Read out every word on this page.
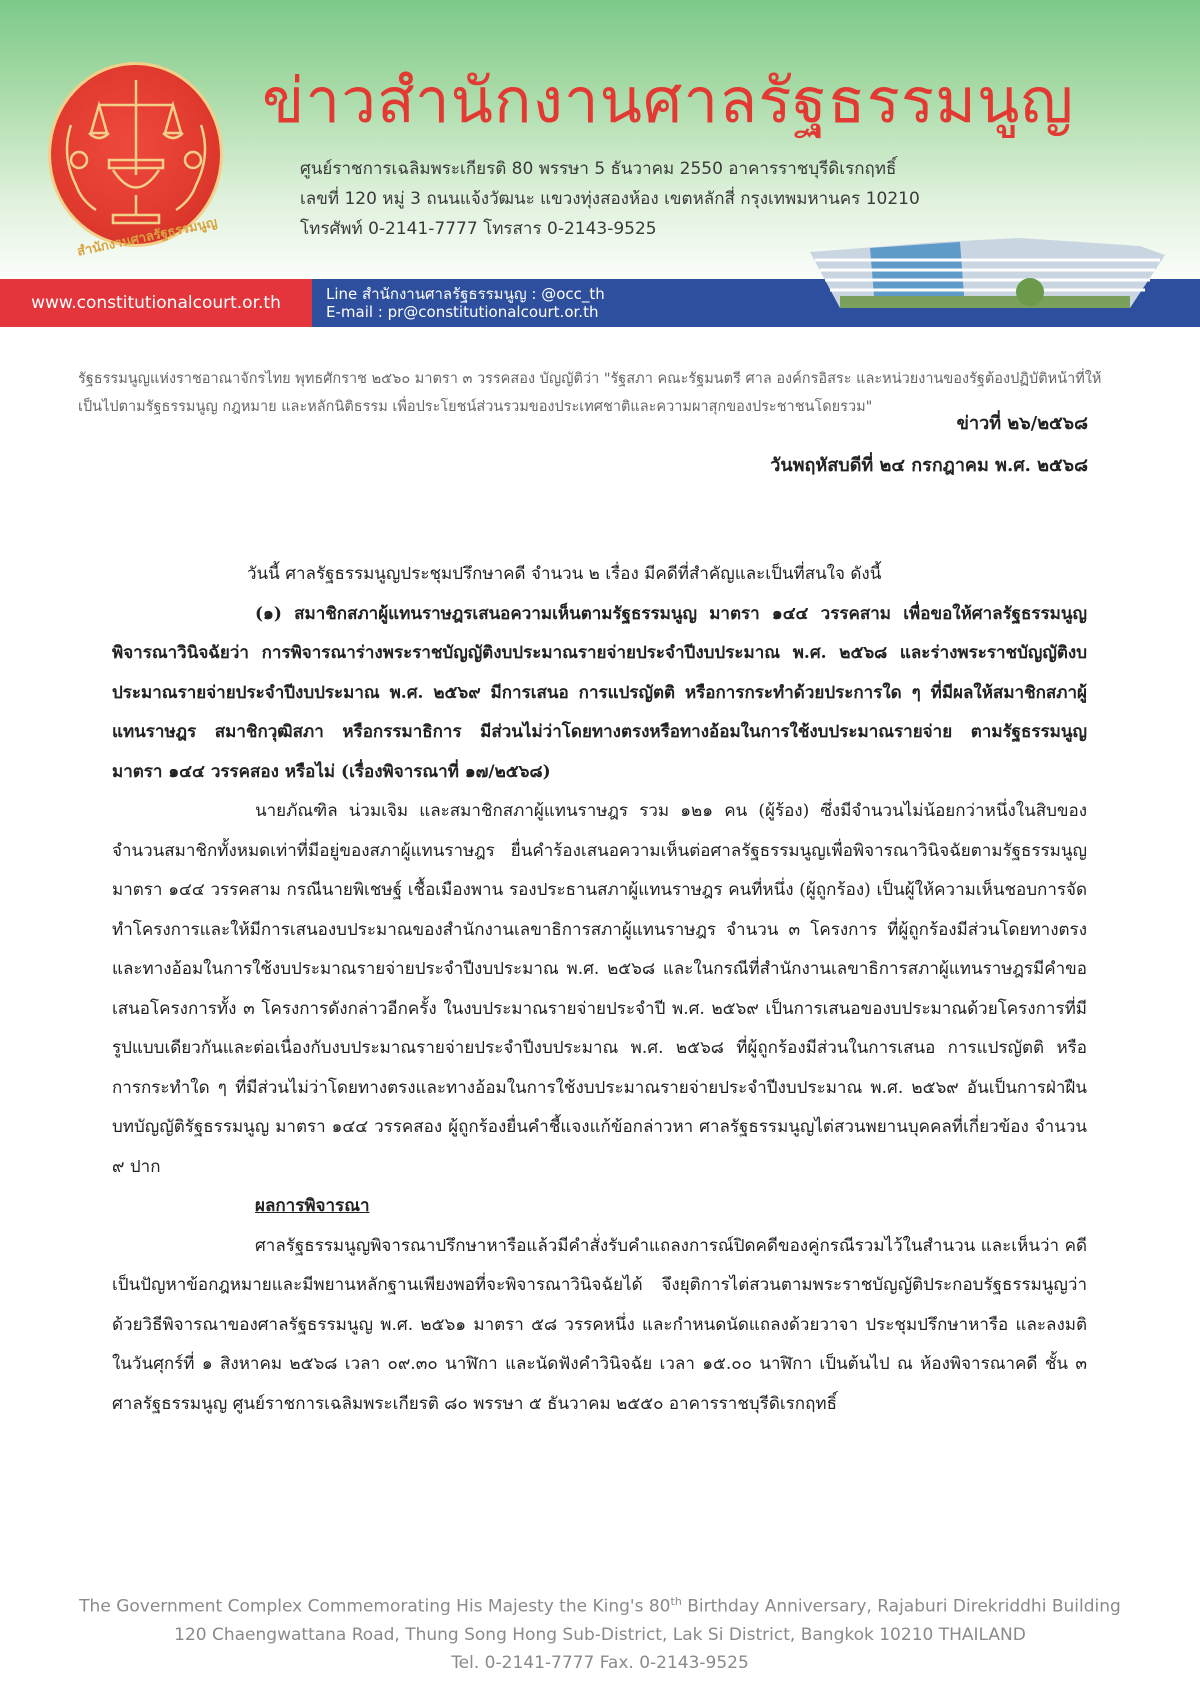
สำนักงานศาลรัฐธรรมนูญ
ข่าวสำนักงานศาลรัฐธรรมนูญ
ศูนย์ราชการเฉลิมพระเกียรติ 80 พรรษา 5 ธันวาคม 2550 อาคารราชบุรีดิเรกฤทธิ์
เลขที่ 120 หมู่ 3 ถนนแจ้งวัฒนะ แขวงทุ่งสองห้อง เขตหลักสี่ กรุงเทพมหานคร 10210
โทรศัพท์ 0-2141-7777 โทรสาร 0-2143-9525
www.constitutionalcourt.or.th	Line สำนักงานศาลรัฐธรรมนูญ : @occ_th
E-mail : pr@constitutionalcourt.or.th
รัฐธรรมนูญแห่งราชอาณาจักรไทย พุทธศักราช ๒๕๖๐ มาตรา ๓ วรรคสอง บัญญัติว่า "รัฐสภา คณะรัฐมนตรี ศาล องค์กรอิสระ และหน่วยงานของรัฐต้องปฏิบัติหน้าที่ให้เป็นไปตามรัฐธรรมนูญ กฎหมาย และหลักนิติธรรม เพื่อประโยชน์ส่วนรวมของประเทศชาติและความผาสุกของประชาชนโดยรวม"
ข่าวที่ ๒๖/๒๕๖๘
วันพฤหัสบดีที่ ๒๔ กรกฎาคม พ.ศ. ๒๕๖๘

วันนี้ ศาลรัฐธรรมนูญประชุมปรึกษาคดี จำนวน ๒ เรื่อง มีคดีที่สำคัญและเป็นที่สนใจ ดังนี้

(๑) สมาชิกสภาผู้แทนราษฎรเสนอความเห็นตามรัฐธรรมนูญ มาตรา ๑๔๔ วรรคสาม เพื่อขอให้ศาลรัฐธรรมนูญพิจารณาวินิจฉัยว่า การพิจารณาร่างพระราชบัญญัติงบประมาณรายจ่ายประจำปีงบประมาณ พ.ศ. ๒๕๖๘ และร่างพระราชบัญญัติงบประมาณรายจ่ายประจำปีงบประมาณ พ.ศ. ๒๕๖๙ มีการเสนอ การแปรญัตติ หรือการกระทำด้วยประการใด ๆ ที่มีผลให้สมาชิกสภาผู้แทนราษฎร สมาชิกวุฒิสภา หรือกรรมาธิการ มีส่วนไม่ว่าโดยทางตรงหรือทางอ้อมในการใช้งบประมาณรายจ่าย ตามรัฐธรรมนูญ มาตรา ๑๔๔ วรรคสอง หรือไม่ (เรื่องพิจารณาที่ ๑๗/๒๕๖๘)

นายภัณฑิล น่วมเจิม และสมาชิกสภาผู้แทนราษฎร รวม ๑๒๑ คน (ผู้ร้อง) ซึ่งมีจำนวนไม่น้อยกว่าหนึ่งในสิบของจำนวนสมาชิกทั้งหมดเท่าที่มีอยู่ของสภาผู้แทนราษฎร ยื่นคำร้องเสนอความเห็นต่อศาลรัฐธรรมนูญเพื่อพิจารณาวินิจฉัยตามรัฐธรรมนูญ มาตรา ๑๔๔ วรรคสาม กรณีนายพิเชษฐ์ เชื้อเมืองพาน รองประธานสภาผู้แทนราษฎร คนที่หนึ่ง (ผู้ถูกร้อง) เป็นผู้ให้ความเห็นชอบการจัดทำโครงการและให้มีการเสนองบประมาณของสำนักงานเลขาธิการสภาผู้แทนราษฎร จำนวน ๓ โครงการ ที่ผู้ถูกร้องมีส่วนโดยทางตรงและทางอ้อมในการใช้งบประมาณรายจ่ายประจำปีงบประมาณ พ.ศ. ๒๕๖๘ และในกรณีที่สำนักงานเลขาธิการสภาผู้แทนราษฎรมีคำขอเสนอโครงการทั้ง ๓ โครงการดังกล่าวอีกครั้ง ในงบประมาณรายจ่ายประจำปี พ.ศ. ๒๕๖๙ เป็นการเสนอของบประมาณด้วยโครงการที่มีรูปแบบเดียวกันและต่อเนื่องกับงบประมาณรายจ่ายประจำปีงบประมาณ พ.ศ. ๒๕๖๘ ที่ผู้ถูกร้องมีส่วนในการเสนอ การแปรญัตติ หรือการกระทำใด ๆ ที่มีส่วนไม่ว่าโดยทางตรงและทางอ้อมในการใช้งบประมาณรายจ่ายประจำปีงบประมาณ พ.ศ. ๒๕๖๙ อันเป็นการฝ่าฝืนบทบัญญัติรัฐธรรมนูญ มาตรา ๑๔๔ วรรคสอง ผู้ถูกร้องยื่นคำชี้แจงแก้ข้อกล่าวหา ศาลรัฐธรรมนูญไต่สวนพยานบุคคลที่เกี่ยวข้อง จำนวน ๙ ปาก

ผลการพิจารณา

ศาลรัฐธรรมนูญพิจารณาปรึกษาหารือแล้วมีคำสั่งรับคำแถลงการณ์ปิดคดีของคู่กรณีรวมไว้ในสำนวน และเห็นว่า คดีเป็นปัญหาข้อกฎหมายและมีพยานหลักฐานเพียงพอที่จะพิจารณาวินิจฉัยได้ จึงยุติการไต่สวนตามพระราชบัญญัติประกอบรัฐธรรมนูญว่าด้วยวิธีพิจารณาของศาลรัฐธรรมนูญ พ.ศ. ๒๕๖๑ มาตรา ๕๘ วรรคหนึ่ง และกำหนดนัดแถลงด้วยวาจา ประชุมปรึกษาหารือ และลงมติในวันศุกร์ที่ ๑ สิงหาคม ๒๕๖๘ เวลา ๐๙.๓๐ นาฬิกา และนัดฟังคำวินิจฉัย เวลา ๑๕.๐๐ นาฬิกา เป็นต้นไป ณ ห้องพิจารณาคดี ชั้น ๓ ศาลรัฐธรรมนูญ ศูนย์ราชการเฉลิมพระเกียรติ ๘๐ พรรษา ๕ ธันวาคม ๒๕๕๐ อาคารราชบุรีดิเรกฤทธิ์

The Government Complex Commemorating His Majesty the King's 80th Birthday Anniversary, Rajaburi Direkriddhi Building
120 Chaengwattana Road, Thung Song Hong Sub-District, Lak Si District, Bangkok 10210 THAILAND
Tel. 0-2141-7777 Fax. 0-2143-9525
